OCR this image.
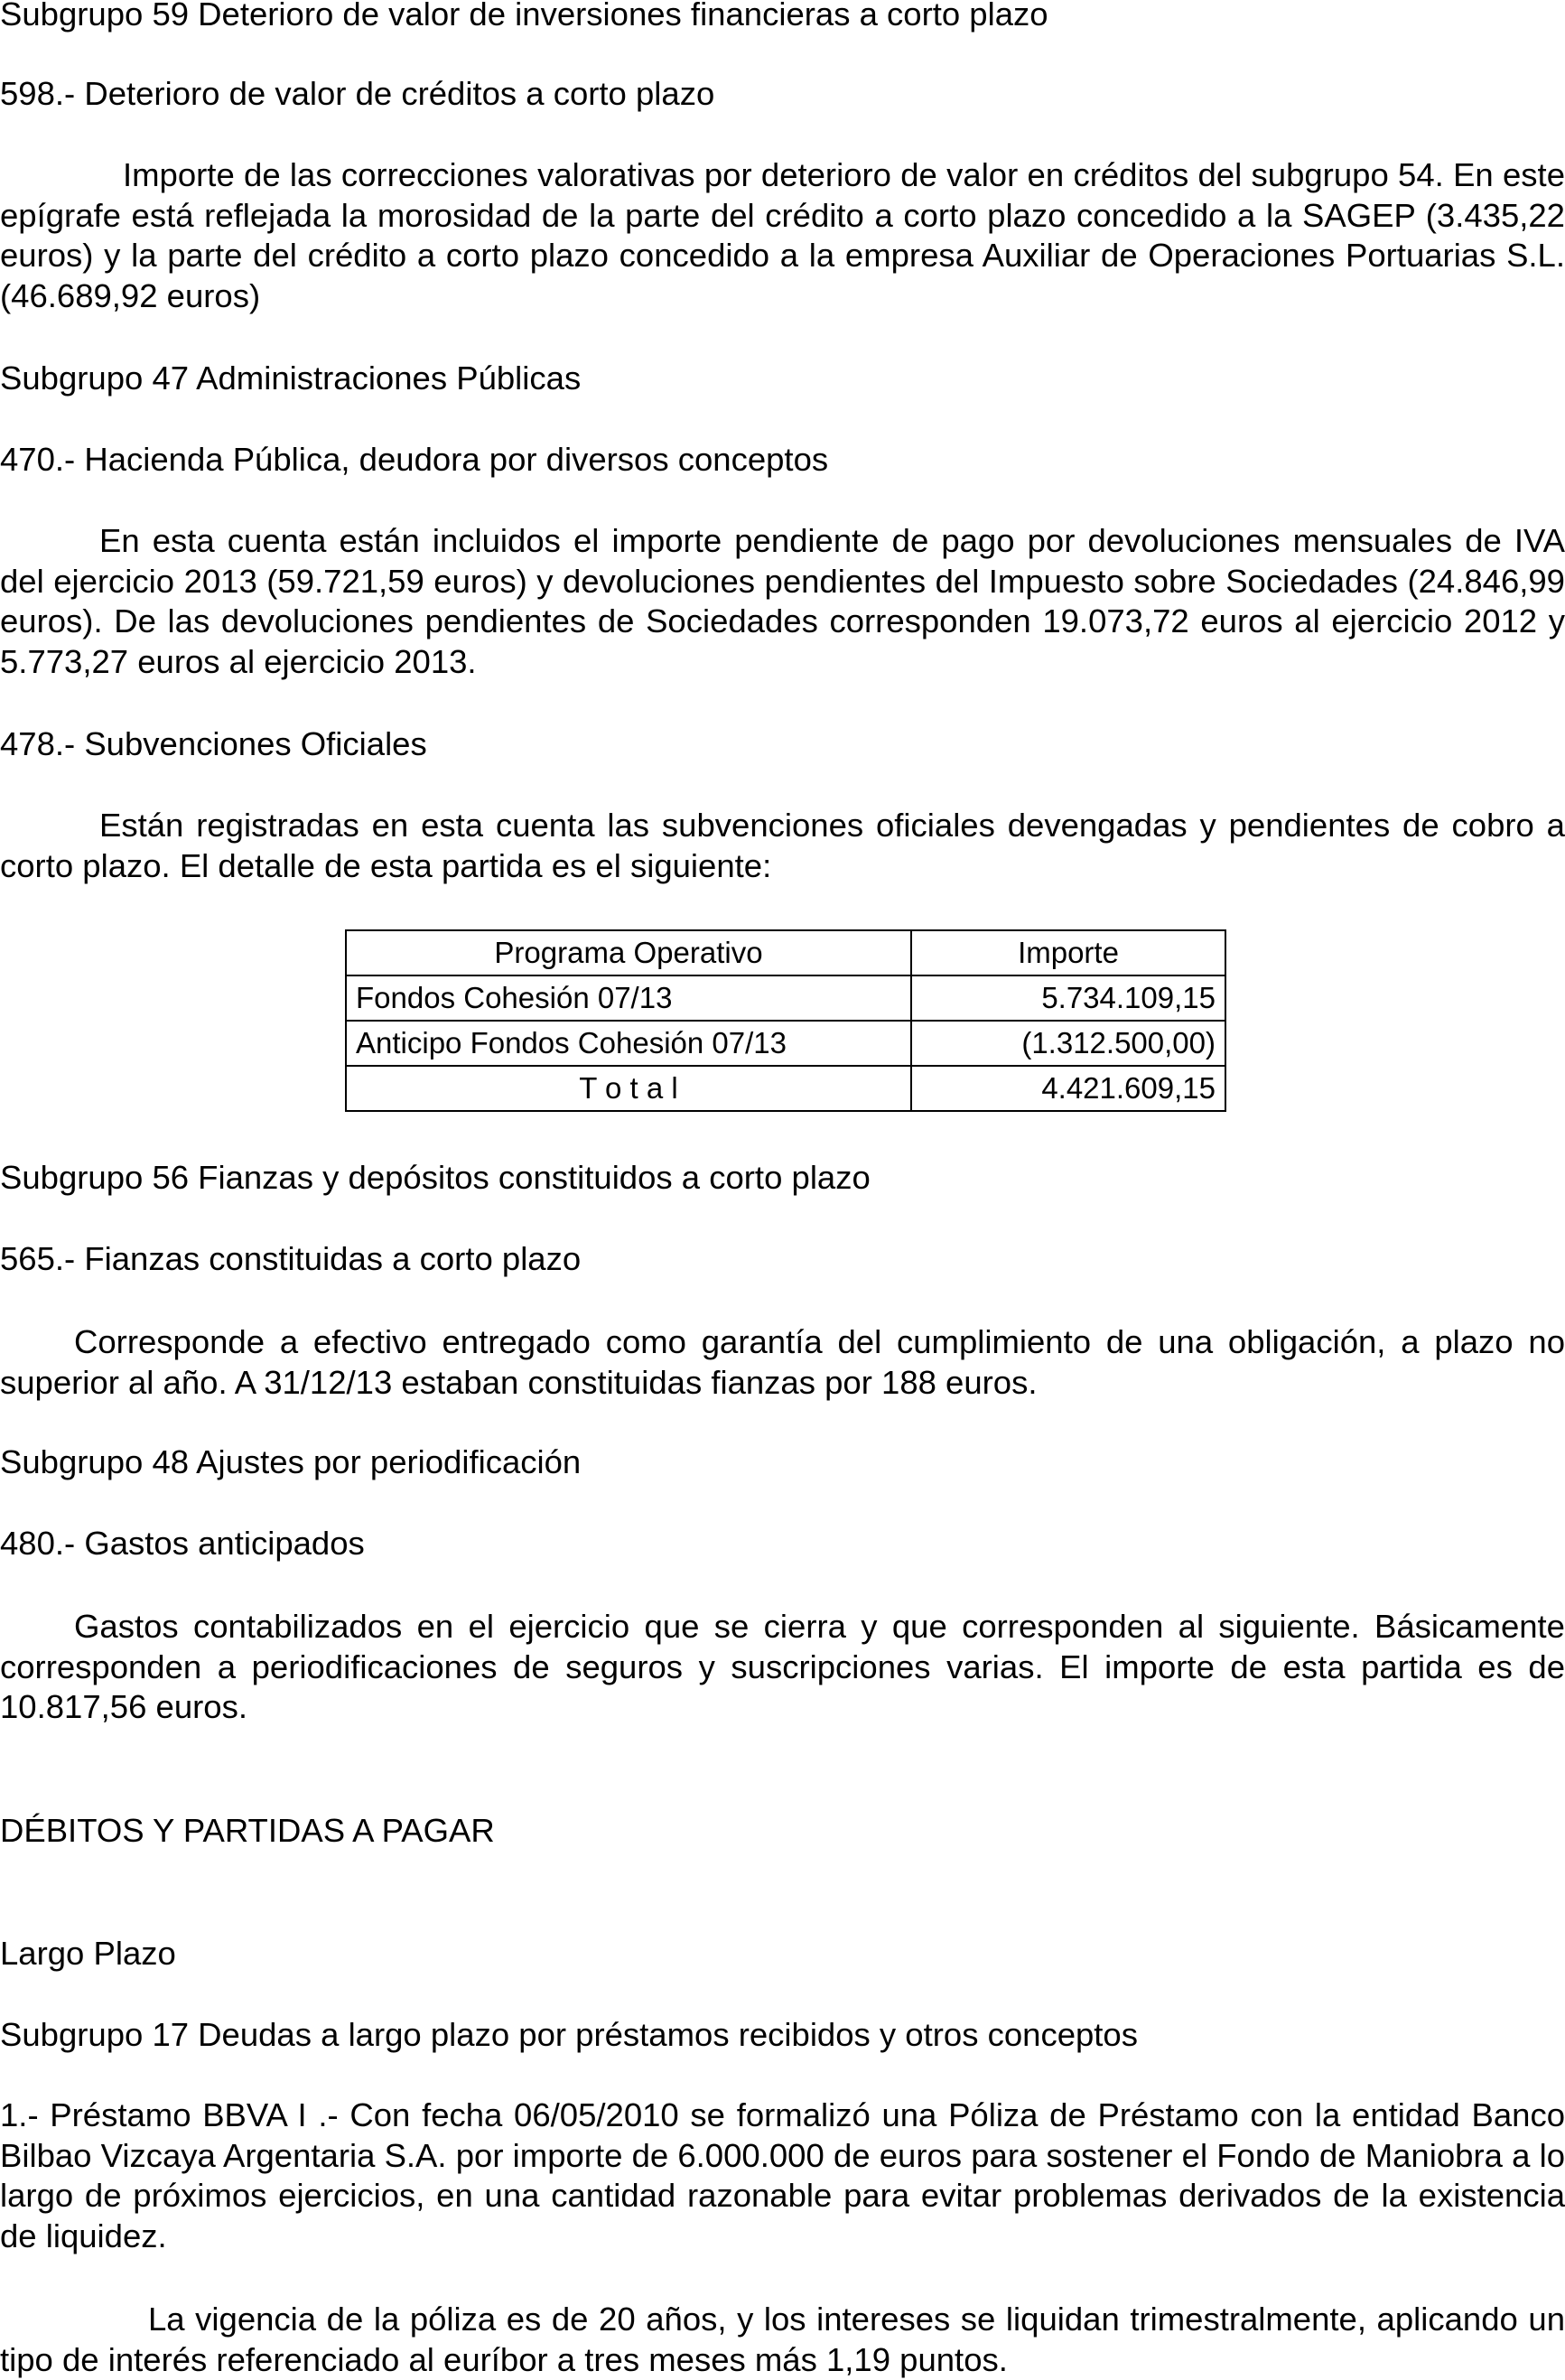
Subgrupo 59 Deterioro de valor de inversiones financieras a corto plazo
598.- Deterioro de valor de créditos a corto plazo

Importe de las correcciones valorativas por deterioro de valor en créditos del subgrupo 54. En este epígrafe está reflejada la morosidad de la parte del crédito a corto plazo concedido a la SAGEP (3.435,22 euros) y la parte del crédito a corto plazo concedido a la empresa Auxiliar de Operaciones Portuarias S.L. (46.689,92 euros)

Subgrupo 47 Administraciones Públicas
470.- Hacienda Pública, deudora por diversos conceptos

En esta cuenta están incluidos el importe pendiente de pago por devoluciones mensuales de IVA del ejercicio 2013 (59.721,59 euros) y devoluciones pendientes del Impuesto sobre Sociedades (24.846,99 euros). De las devoluciones pendientes de Sociedades corresponden 19.073,72 euros al ejercicio 2012 y 5.773,27 euros al ejercicio 2013.

478.- Subvenciones Oficiales

Están registradas en esta cuenta las subvenciones oficiales devengadas y pendientes de cobro a corto plazo. El detalle de esta partida es el siguiente:

Programa Operativo	Importe
Fondos Cohesión 07/13	5.734.109,15
Anticipo Fondos Cohesión 07/13	(1.312.500,00)
T o t a l	4.421.609,15
Subgrupo 56 Fianzas y depósitos constituidos a corto plazo
565.- Fianzas constituidas a corto plazo

Corresponde a efectivo entregado como garantía del cumplimiento de una obligación, a plazo no superior al año. A 31/12/13 estaban constituidas fianzas por 188 euros.

Subgrupo 48 Ajustes por periodificación
480.- Gastos anticipados

Gastos contabilizados en el ejercicio que se cierra y que corresponden al siguiente. Básicamente corresponden a periodificaciones de seguros y suscripciones varias. El importe de esta partida es de 10.817,56 euros.

DÉBITOS Y PARTIDAS A PAGAR
Largo Plazo
Subgrupo 17 Deudas a largo plazo por préstamos recibidos y otros conceptos

1.- Préstamo BBVA I .- Con fecha 06/05/2010 se formalizó una Póliza de Préstamo con la entidad Banco Bilbao Vizcaya Argentaria S.A. por importe de 6.000.000 de euros para sostener el Fondo de Maniobra a lo largo de próximos ejercicios, en una cantidad razonable para evitar problemas derivados de la existencia de liquidez.

La vigencia de la póliza es de 20 años, y los intereses se liquidan trimestralmente, aplicando un tipo de interés referenciado al euríbor a tres meses más 1,19 puntos.
